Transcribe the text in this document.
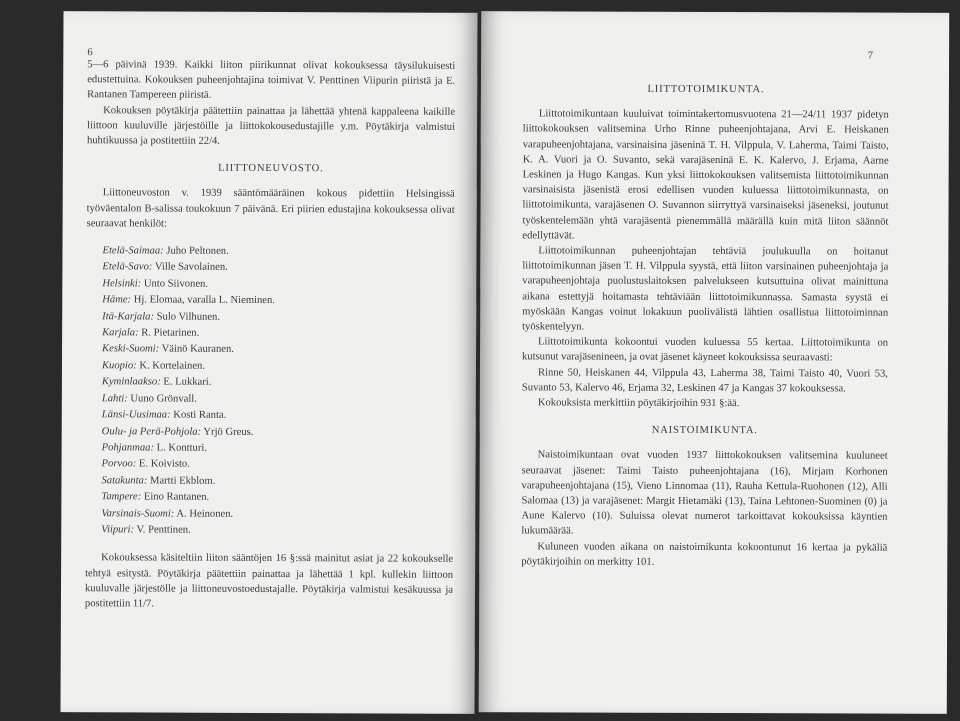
6

5—6 päivinä 1939. Kaikki liiton piirikunnat olivat kokouksessa täysilukuisesti edustettuina. Kokouksen puheenjohtajina toimivat V. Penttinen Viipurin piiristä ja E. Rantanen Tampereen piiristä.

Kokouksen pöytäkirja päätettiin painattaa ja lähettää yhtenä kappaleena kaikille liittoon kuuluville järjestöille ja liittokokousedustajille y.m. Pöytäkirja valmistui huhtikuussa ja postitettiin 22/4.

LIITTONEUVOSTO.

Liittoneuvoston v. 1939 sääntömääräinen kokous pidettiin Helsingissä työväentalon B-salissa toukokuun 7 päivänä. Eri piirien edustajina kokouksessa olivat seuraavat henkilöt:

Etelä-Saimaa: Juho Peltonen.
Etelä-Savo: Ville Savolainen.
Helsinki: Unto Siivonen.
Häme: Hj. Elomaa, varalla L. Nieminen.
Itä-Karjala: Sulo Vilhunen.
Karjala: R. Pietarinen.
Keski-Suomi: Väinö Kauranen.
Kuopio: K. Kortelainen.
Kyminlaakso: E. Lukkari.
Lahti: Uuno Grönvall.
Länsi-Uusimaa: Kosti Ranta.
Oulu- ja Perä-Pohjola: Yrjö Greus.
Pohjanmaa: L. Kontturi.
Porvoo: E. Koivisto.
Satakunta: Martti Ekblom.
Tampere: Eino Rantanen.
Varsinais-Suomi: A. Heinonen.
Viipuri: V. Penttinen.

Kokouksessa käsiteltiin liiton sääntöjen 16 §:ssä mainitut asiat ja 22 kokoukselle tehtyä esitystä. Pöytäkirja päätettiin painattaa ja lähettää 1 kpl. kullekin liittoon kuuluvalle järjestölle ja liittoneuvostoedustajalle. Pöytäkirja valmistui kesäkuussa ja postitettiin 11/7.

7
LIITTOTOIMIKUNTA.

Liittotoimikuntaan kuuluivat toimintakertomusvuotena 21—24/11 1937 pidetyn liittokokouksen valitsemina Urho Rinne puheenjohtajana, Arvi E. Heiskanen varapuheenjohtajana, varsinaisina jäseninä T. H. Vilppula, V. Laherma, Taimi Taisto, K. A. Vuori ja O. Suvanto, sekä varajäseninä E. K. Kalervo, J. Erjama, Aarne Leskinen ja Hugo Kangas. Kun yksi liittokokouksen valitsemista liittotoimikunnan varsinaisista jäsenistä erosi edellisen vuoden kuluessa liittotoimikunnasta, on liittotoimikunta, varajäsenen O. Suvannon siirryttyä varsinaiseksi jäseneksi, joutunut työskentelemään yhtä varajäsentä pienemmällä määrällä kuin mitä liiton säännöt edellyttävät.

Liittotoimikunnan puheenjohtajan tehtäviä joulukuulla on hoitanut liittotoimikunnan jäsen T. H. Vilppula syystä, että liiton varsinainen puheenjohtaja ja varapuheenjohtaja puolustuslaitoksen palvelukseen kutsuttuina olivat mainittuna aikana estettyjä hoitamasta tehtäviään liittotoimikunnassa. Samasta syystä ei myöskään Kangas voinut lokakuun puolivälistä lähtien osallistua liittotoiminnan työskentelyyn.

Liittotoimikunta kokoontui vuoden kuluessa 55 kertaa. Liittotoimikunta on kutsunut varajäsenineen, ja ovat jäsenet käyneet kokouksissa seuraavasti:

Rinne 50, Heiskanen 44, Vilppula 43, Laherma 38, Taimi Taisto 40, Vuori 53, Suvanto 53, Kalervo 46, Erjama 32, Leskinen 47 ja Kangas 37 kokouksessa.

Kokouksista merkittiin pöytäkirjoihin 931 §:ää.

NAISTOIMIKUNTA.

Naistoimikuntaan ovat vuoden 1937 liittokokouksen valitsemina kuuluneet seuraavat jäsenet: Taimi Taisto puheenjohtajana (16), Mirjam Korhonen varapuheenjohtajana (15), Vieno Linnomaa (11), Rauha Kettula-Ruohonen (12), Alli Salomaa (13) ja varajäsenet: Margit Hietamäki (13), Taina Lehtonen-Suominen (0) ja Aune Kalervo (10). Suluissa olevat numerot tarkoittavat kokouksissa käyntien lukumäärää.

Kuluneen vuoden aikana on naistoimikunta kokoontunut 16 kertaa ja pykäliä pöytäkirjoihin on merkitty 101.
